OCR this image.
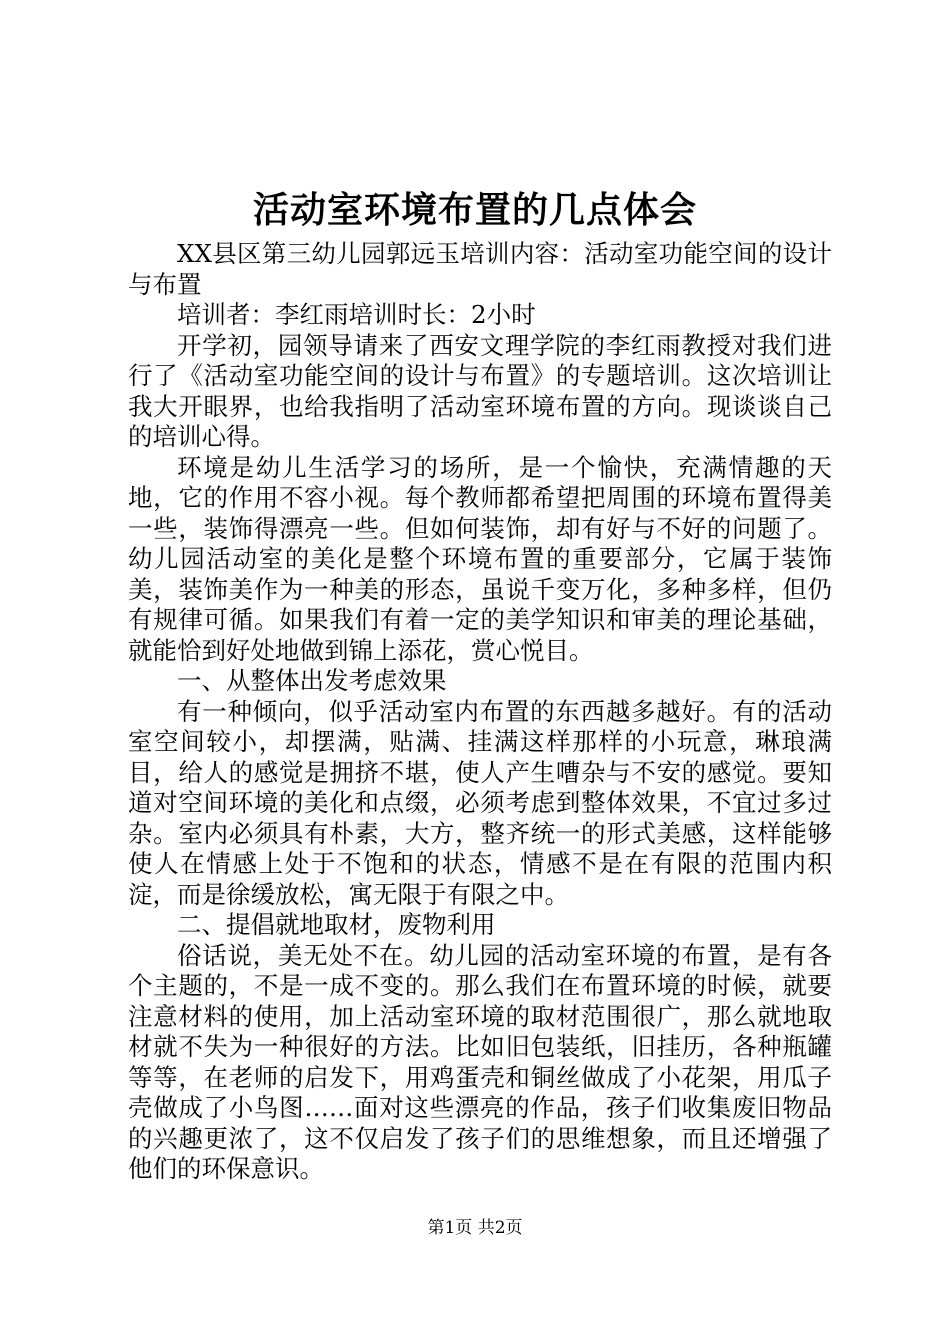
活动室环境布置的几点体会

XX县区第三幼儿园郭远玉培训内容：活动室功能空间的设计与布置

培训者：李红雨培训时长：2小时

开学初，园领导请来了西安文理学院的李红雨教授对我们进行了《活动室功能空间的设计与布置》的专题培训。这次培训让我大开眼界，也给我指明了活动室环境布置的方向。现谈谈自己的培训心得。

环境是幼儿生活学习的场所，是一个愉快，充满情趣的天地，它的作用不容小视。每个教师都希望把周围的环境布置得美一些，装饰得漂亮一些。但如何装饰，却有好与不好的问题了。幼儿园活动室的美化是整个环境布置的重要部分，它属于装饰美，装饰美作为一种美的形态，虽说千变万化，多种多样，但仍有规律可循。如果我们有着一定的美学知识和审美的理论基础，就能恰到好处地做到锦上添花，赏心悦目。

一、从整体出发考虑效果

有一种倾向，似乎活动室内布置的东西越多越好。有的活动室空间较小，却摆满，贴满、挂满这样那样的小玩意，琳琅满目，给人的感觉是拥挤不堪，使人产生嘈杂与不安的感觉。要知道对空间环境的美化和点缀，必须考虑到整体效果，不宜过多过杂。室内必须具有朴素，大方，整齐统一的形式美感，这样能够使人在情感上处于不饱和的状态，情感不是在有限的范围内积淀，而是徐缓放松，寓无限于有限之中。

二、提倡就地取材，废物利用

俗话说，美无处不在。幼儿园的活动室环境的布置，是有各个主题的，不是一成不变的。那么我们在布置环境的时候，就要注意材料的使用，加上活动室环境的取材范围很广，那么就地取材就不失为一种很好的方法。比如旧包装纸，旧挂历，各种瓶罐等等，在老师的启发下，用鸡蛋壳和铜丝做成了小花架，用瓜子壳做成了小鸟图……面对这些漂亮的作品，孩子们收集废旧物品的兴趣更浓了，这不仅启发了孩子们的思维想象，而且还增强了他们的环保意识。

第1页 共2页
